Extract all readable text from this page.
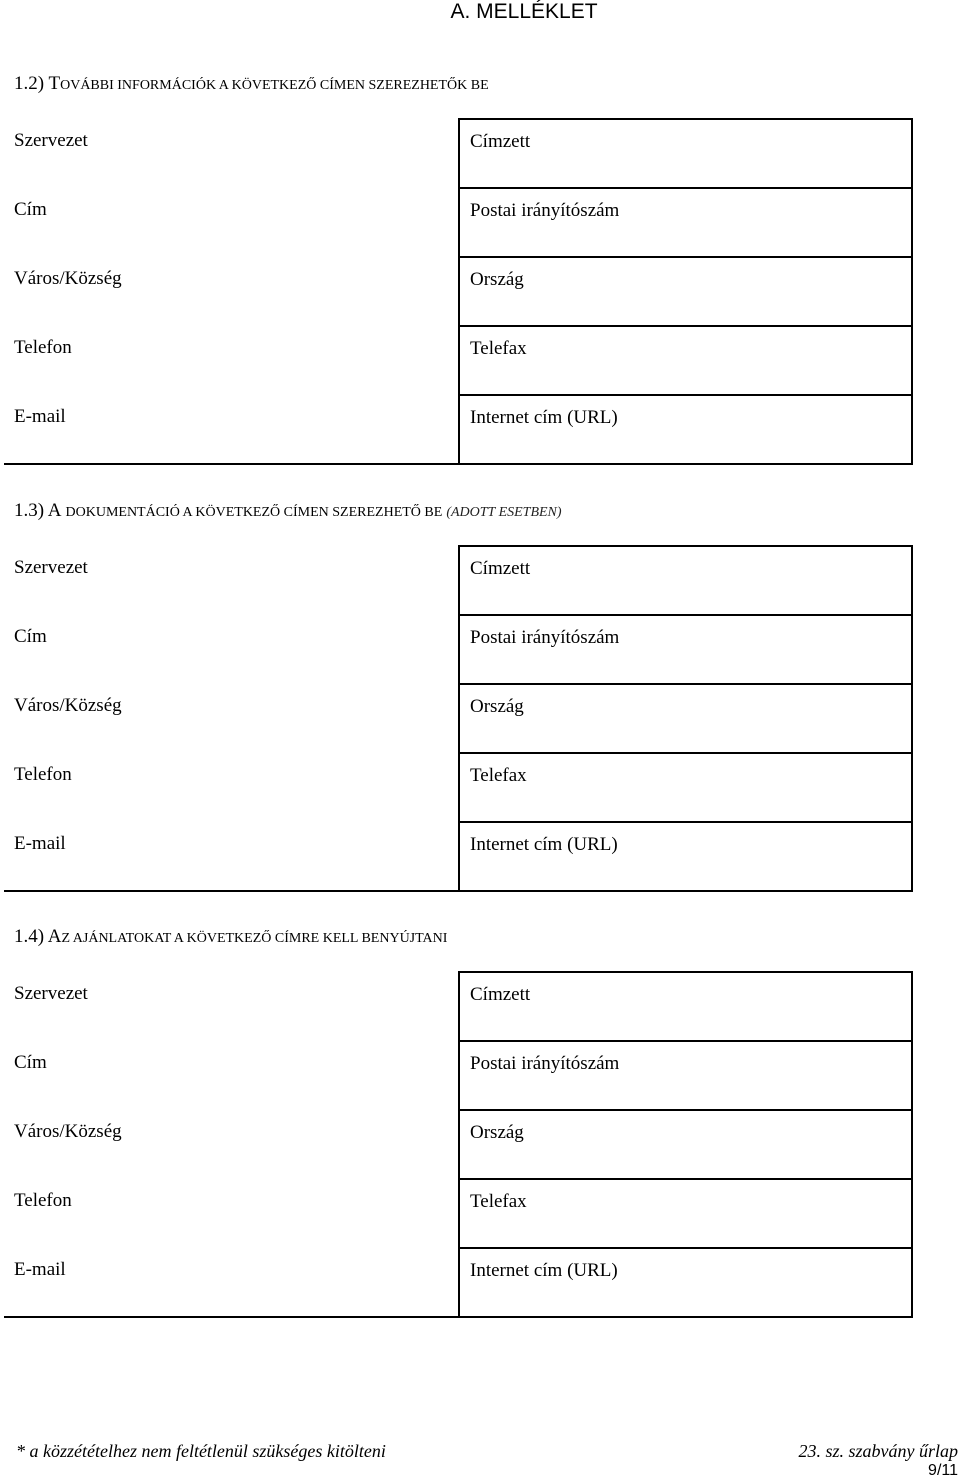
A. MELLÉKLET
1.2) TOVÁBBI INFORMÁCIÓK A KÖVETKEZŐ CÍMEN SZEREZHETŐK BE
Szervezet	Címzett

Cím	Postai irányítószám

Város/Község	Ország

Telefon	Telefax

E-mail	Internet cím (URL)
1.3) A DOKUMENTÁCIÓ A KÖVETKEZŐ CÍMEN SZEREZHETŐ BE (ADOTT ESETBEN)
Szervezet	Címzett

Cím	Postai irányítószám

Város/Község	Ország

Telefon	Telefax

E-mail	Internet cím (URL)
1.4) AZ AJÁNLATOKAT A KÖVETKEZŐ CÍMRE KELL BENYÚJTANI
Szervezet	Címzett

Cím	Postai irányítószám

Város/Község	Ország

Telefon	Telefax

E-mail	Internet cím (URL)
* a közzétételhez nem feltétlenül szükséges kitölteni	23. sz. szabvány űrlap
9/11
